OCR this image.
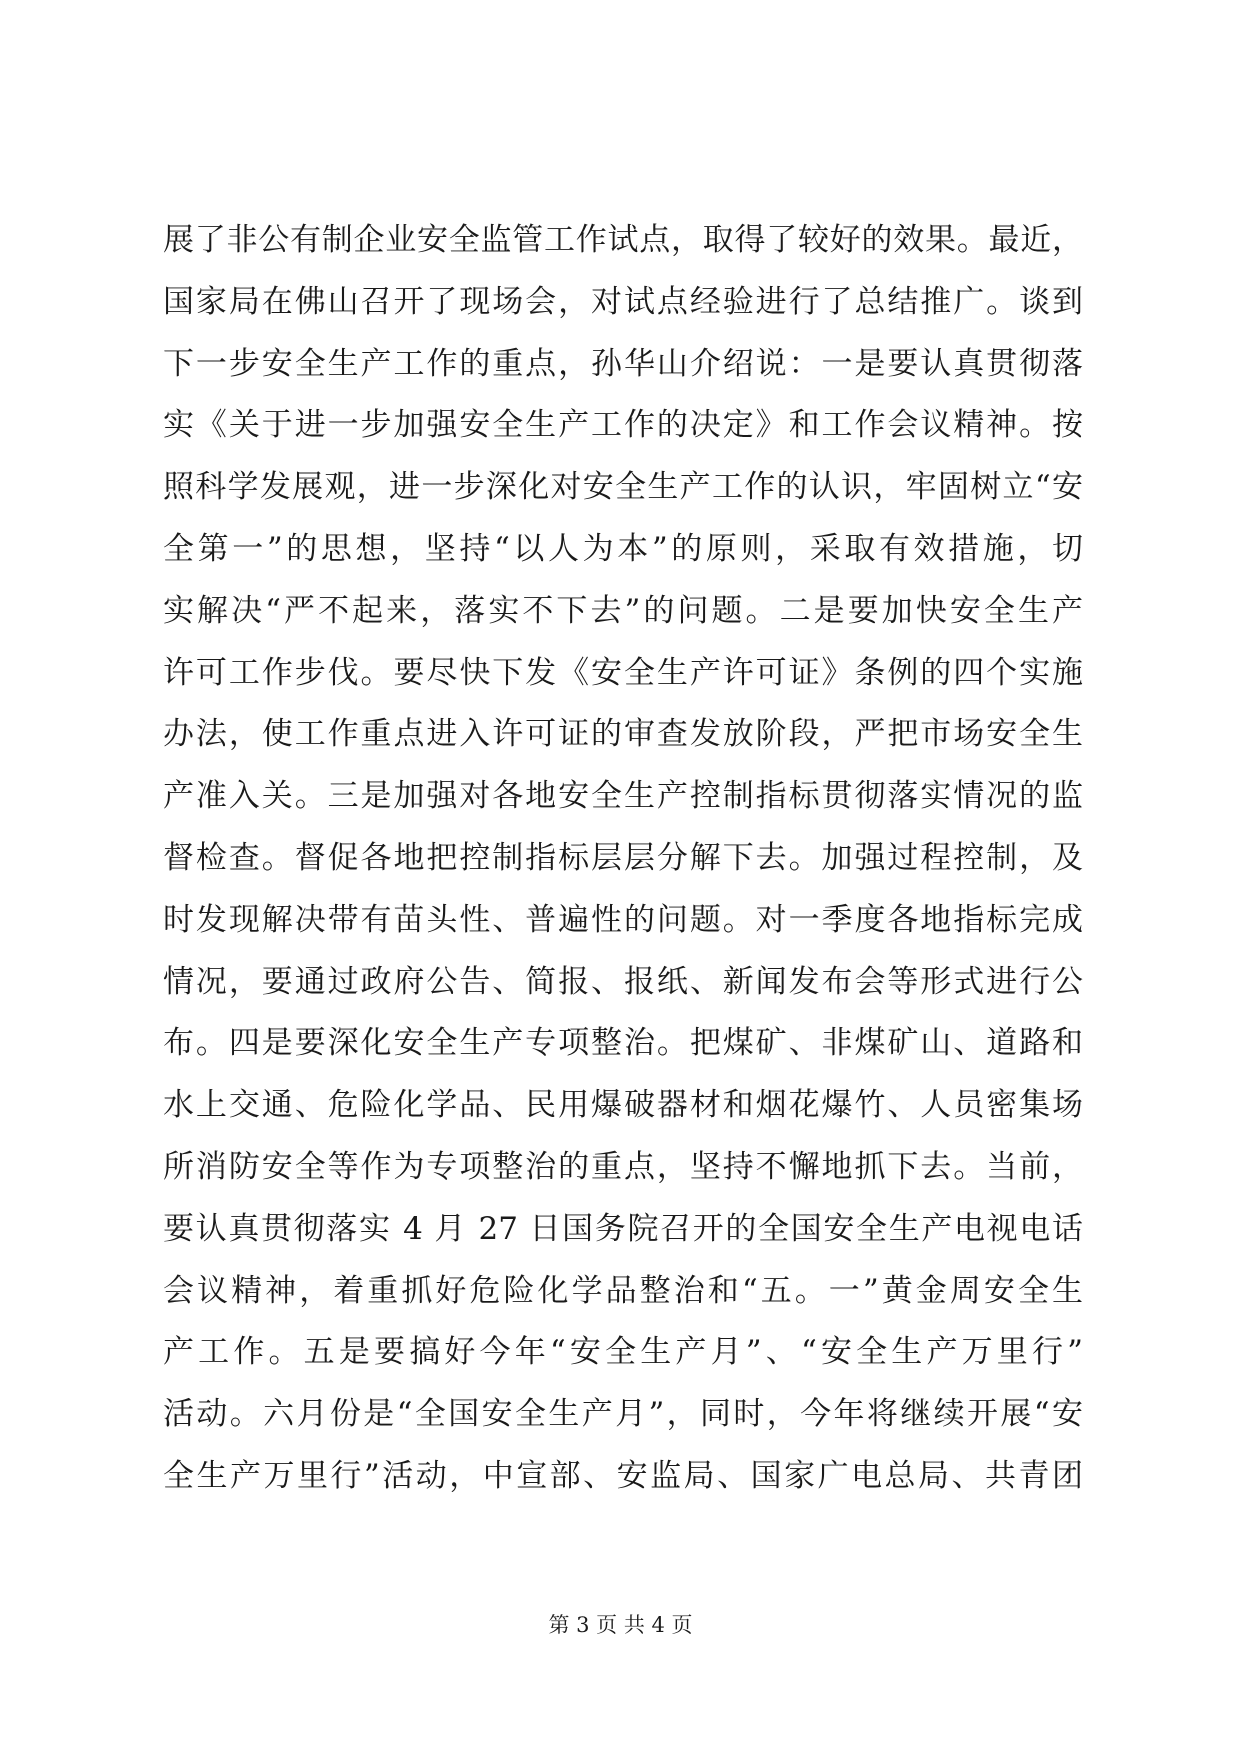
展了非公有制企业安全监管工作试点，取得了较好的效果。最近，
国家局在佛山召开了现场会，对试点经验进行了总结推广。谈到
下一步安全生产工作的重点，孙华山介绍说：一是要认真贯彻落
实《关于进一步加强安全生产工作的决定》和工作会议精神。按
照科学发展观，进一步深化对安全生产工作的认识，牢固树立“安
全第一”的思想，坚持“以人为本”的原则，采取有效措施，切
实解决“严不起来，落实不下去”的问题。二是要加快安全生产
许可工作步伐。要尽快下发《安全生产许可证》条例的四个实施
办法，使工作重点进入许可证的审查发放阶段，严把市场安全生
产准入关。三是加强对各地安全生产控制指标贯彻落实情况的监
督检查。督促各地把控制指标层层分解下去。加强过程控制，及
时发现解决带有苗头性、普遍性的问题。对一季度各地指标完成
情况，要通过政府公告、简报、报纸、新闻发布会等形式进行公
布。四是要深化安全生产专项整治。把煤矿、非煤矿山、道路和
水上交通、危险化学品、民用爆破器材和烟花爆竹、人员密集场
所消防安全等作为专项整治的重点，坚持不懈地抓下去。当前，
要认真贯彻落实 4 月 27 日国务院召开的全国安全生产电视电话
会议精神，着重抓好危险化学品整治和“五。一”黄金周安全生
产工作。五是要搞好今年“安全生产月”、“安全生产万里行”
活动。六月份是“全国安全生产月”，同时，今年将继续开展“安
全生产万里行”活动，中宣部、安监局、国家广电总局、共青团
第 3 页 共 4 页
